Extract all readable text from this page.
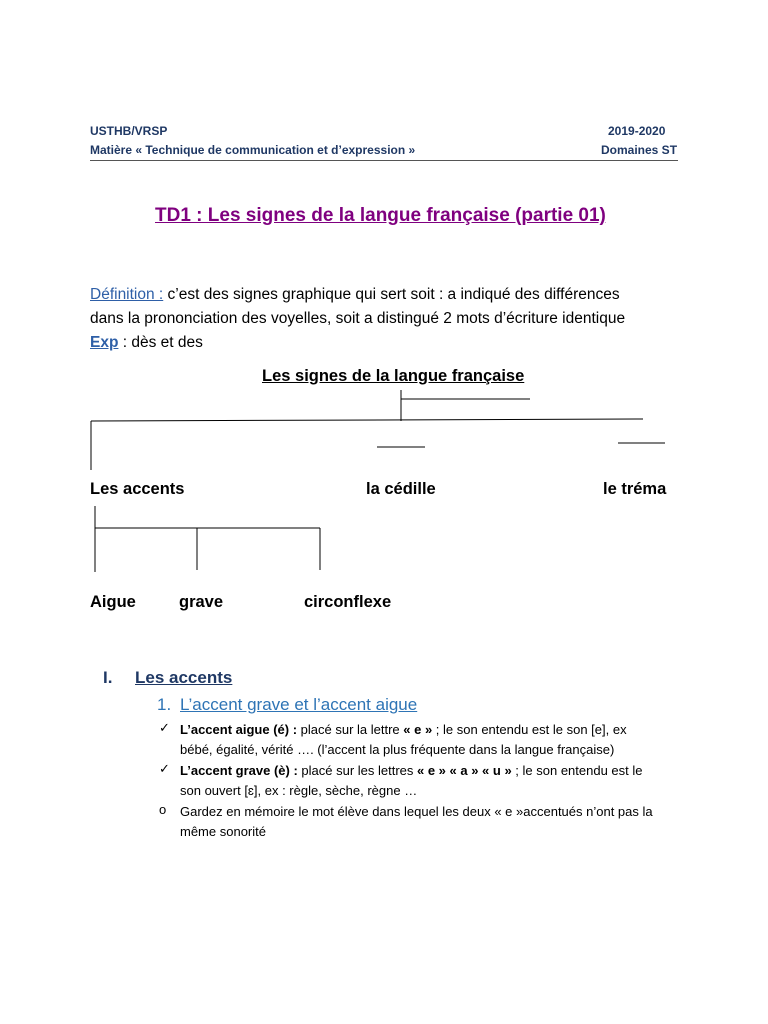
USTHB/VRSP
Matière « Technique de communication et d’expression »
2019-2020
Domaines ST
TD1 : Les signes de la langue française (partie 01)
Définition : c’est des signes graphique qui sert soit : a indiqué des différences
dans la prononciation des voyelles, soit a distingué 2 mots d’écriture identique
Exp : dès et des
Les signes de la langue française
Les accents	la cédille	le tréma
Aigue	grave	circonflexe
I. Les accents
1. L’accent grave et l’accent aigue
✓ L’accent aigue (é) : placé sur la lettre « e » ; le son entendu est le son [e], ex
bébé, égalité, vérité …. (l’accent la plus fréquente dans la langue française)
✓ L’accent grave (è) : placé sur les lettres « e » « a » « u » ; le son entendu est le
son ouvert [ɛ], ex : règle, sèche, règne …
o Gardez en mémoire le mot élève dans lequel les deux « e »accentués n’ont pas la
même sonorité
